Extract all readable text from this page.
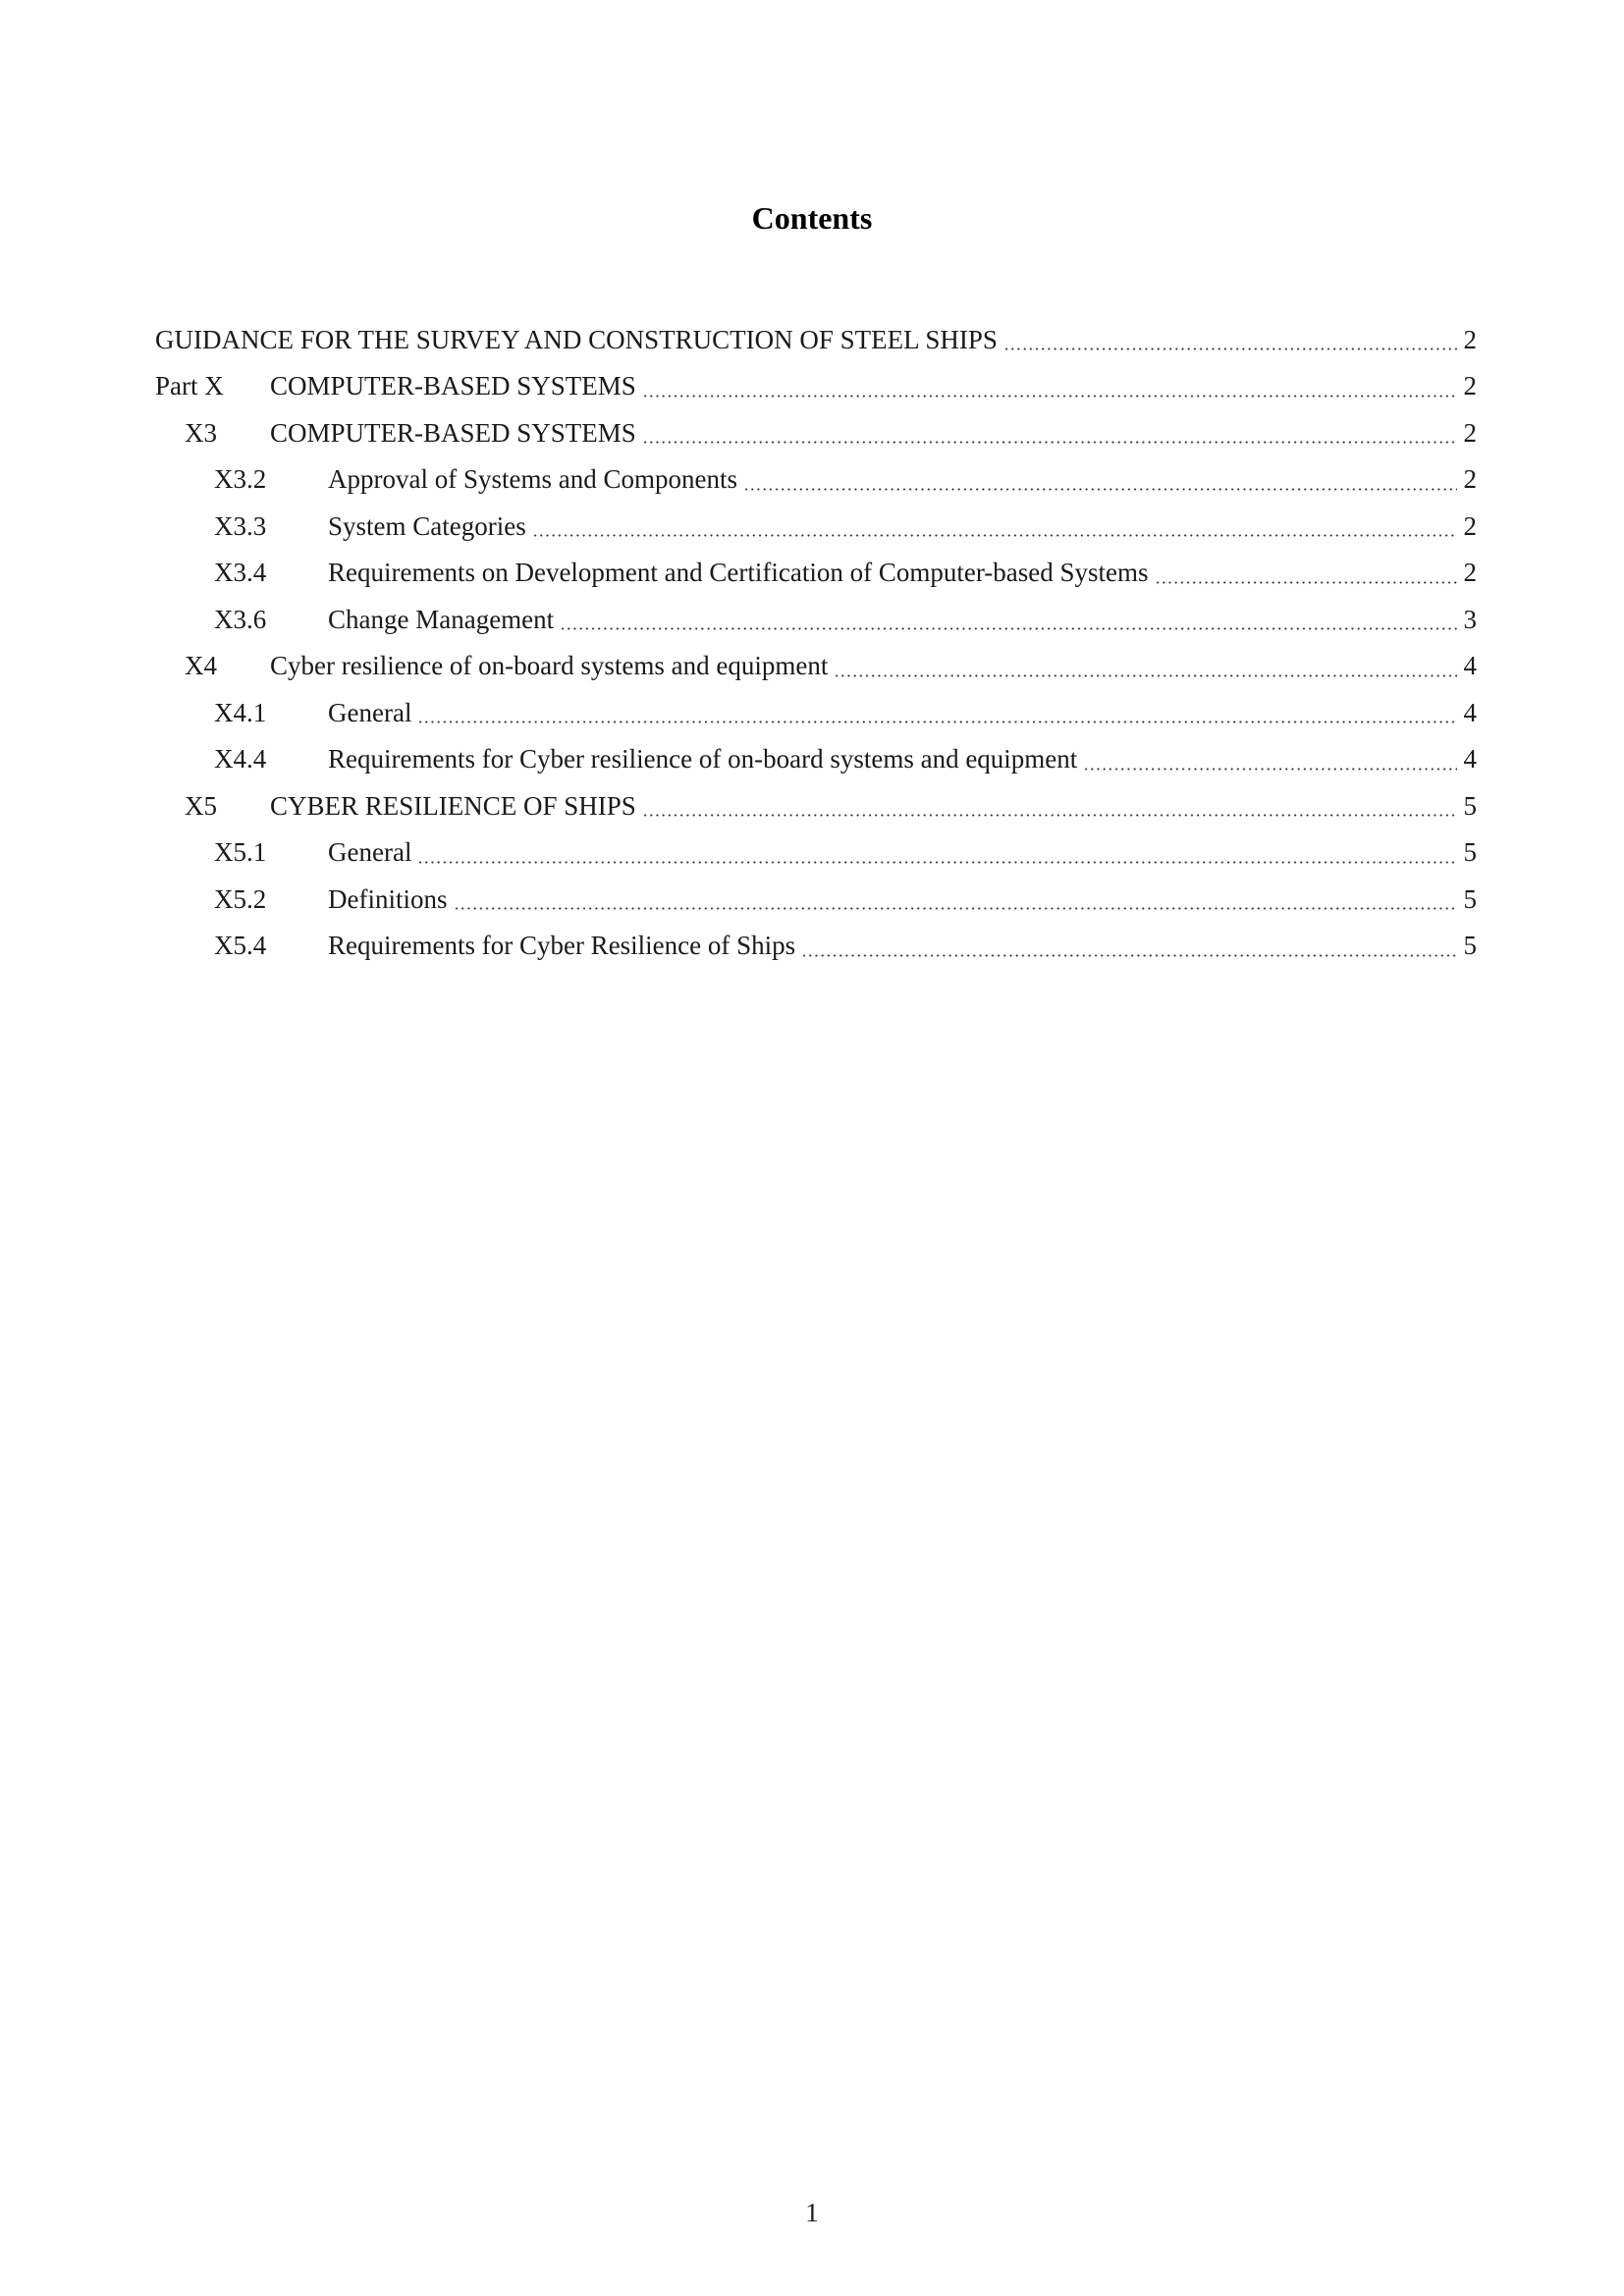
Contents
GUIDANCE FOR THE SURVEY AND CONSTRUCTION OF STEEL SHIPS	2
Part X	COMPUTER-BASED SYSTEMS	2
X3	COMPUTER-BASED SYSTEMS	2
X3.2	Approval of Systems and Components	2
X3.3	System Categories	2
X3.4	Requirements on Development and Certification of Computer-based Systems	2
X3.6	Change Management	3
X4	Cyber resilience of on-board systems and equipment	4
X4.1	General	4
X4.4	Requirements for Cyber resilience of on-board systems and equipment	4
X5	CYBER RESILIENCE OF SHIPS	5
X5.1	General	5
X5.2	Definitions	5
X5.4	Requirements for Cyber Resilience of Ships	5
1
